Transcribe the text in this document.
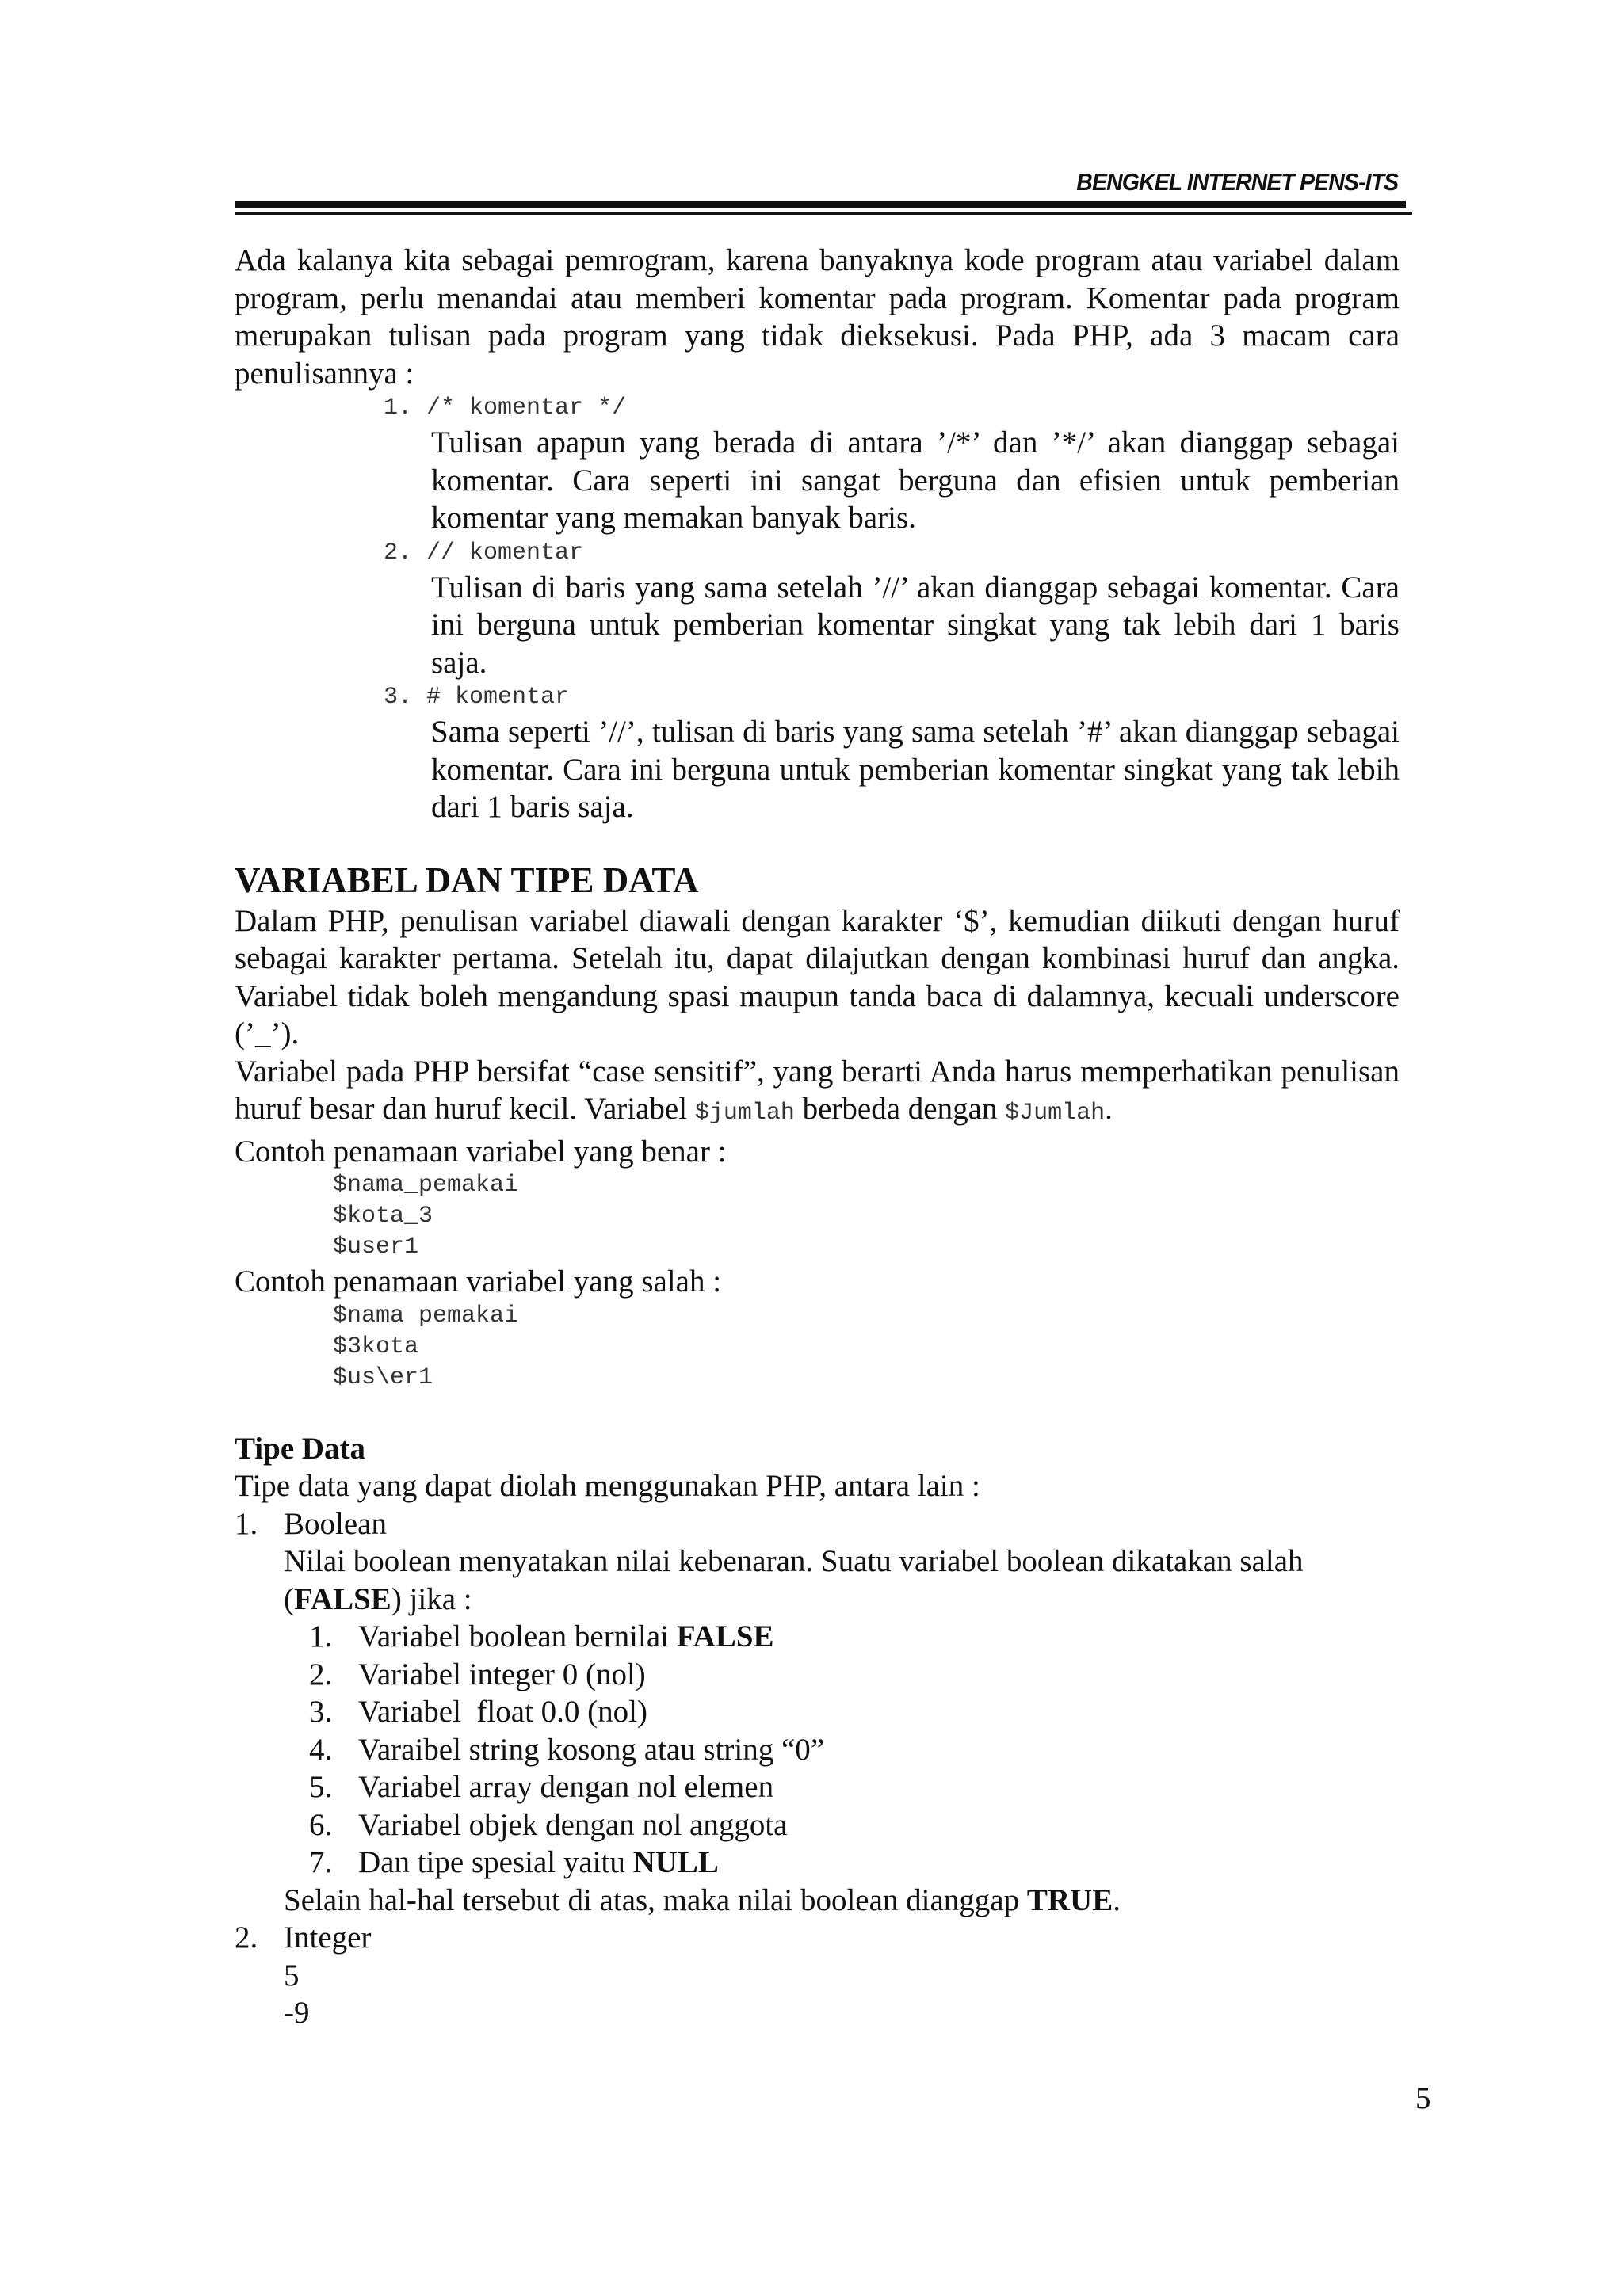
BENGKEL INTERNET PENS-ITS

Ada kalanya kita sebagai pemrogram, karena banyaknya kode program atau variabel dalam program, perlu menandai atau memberi komentar pada program. Komentar pada program merupakan tulisan pada program yang tidak dieksekusi. Pada PHP, ada 3 macam cara penulisannya :

1. /* komentar */
Tulisan apapun yang berada di antara ’/*’ dan ’*/’ akan dianggap sebagai komentar. Cara seperti ini sangat berguna dan efisien untuk pemberian komentar yang memakan banyak baris.
2. // komentar
Tulisan di baris yang sama setelah ’//’ akan dianggap sebagai komentar. Cara ini berguna untuk pemberian komentar singkat yang tak lebih dari 1 baris saja.
3. # komentar
Sama seperti ’//’, tulisan di baris yang sama setelah ’#’ akan dianggap sebagai komentar. Cara ini berguna untuk pemberian komentar singkat yang tak lebih dari 1 baris saja.
VARIABEL DAN TIPE DATA

Dalam PHP, penulisan variabel diawali dengan karakter ‘$’, kemudian diikuti dengan huruf sebagai karakter pertama. Setelah itu, dapat dilajutkan dengan kombinasi huruf dan angka. Variabel tidak boleh mengandung spasi maupun tanda baca di dalamnya, kecuali underscore (’_’).

Variabel pada PHP bersifat “case sensitif”, yang berarti Anda harus memperhatikan penulisan huruf besar dan huruf kecil. Variabel $jumlah berbeda dengan $Jumlah.

Contoh penamaan variabel yang benar :
$nama_pemakai
$kota_3
$user1
Contoh penamaan variabel yang salah :
$nama pemakai
$3kota
$us\er1
Tipe Data
Tipe data yang dapat diolah menggunakan PHP, antara lain :
1. Boolean
Nilai boolean menyatakan nilai kebenaran. Suatu variabel boolean dikatakan salah (FALSE) jika :
1. Variabel boolean bernilai FALSE
2. Variabel integer 0 (nol)
3. Variabel  float 0.0 (nol)
4. Varaibel string kosong atau string “0”
5. Variabel array dengan nol elemen
6. Variabel objek dengan nol anggota
7. Dan tipe spesial yaitu NULL
Selain hal-hal tersebut di atas, maka nilai boolean dianggap TRUE.
2. Integer
5
-9
5
